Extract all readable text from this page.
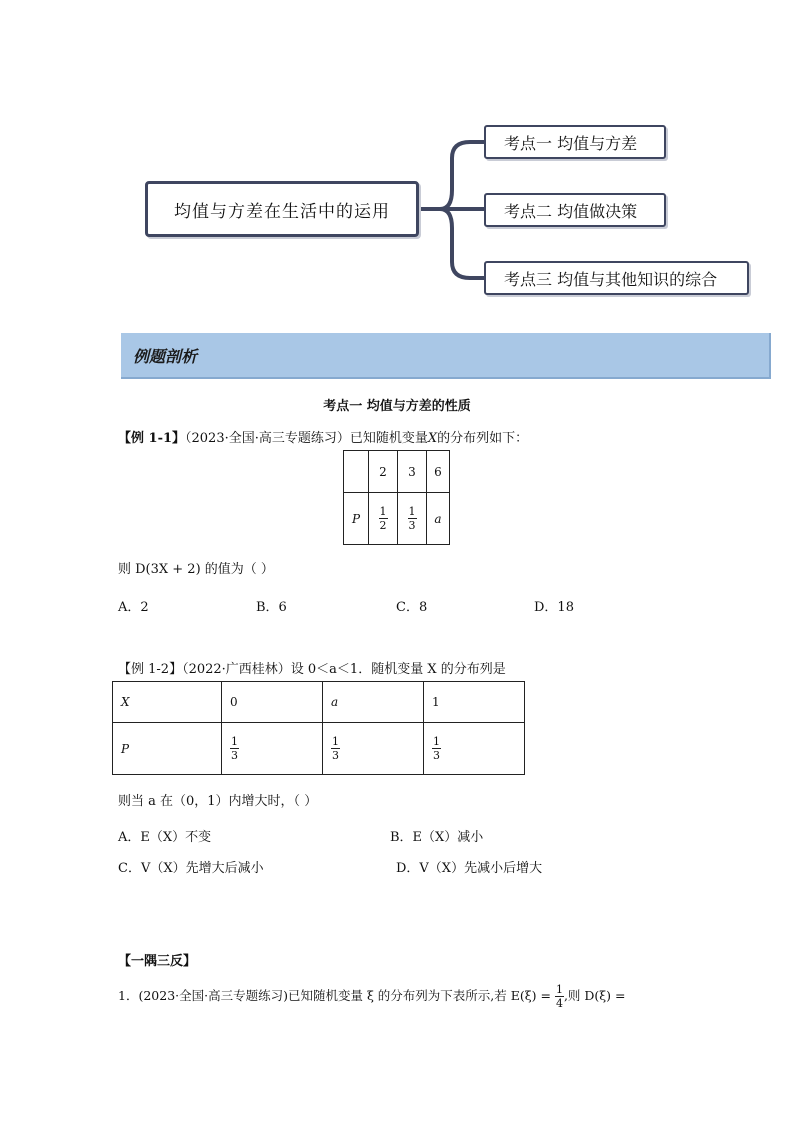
均值与方差在生活中的运用
考点一 均值与方差
考点二 均值做决策
考点三 均值与其他知识的综合
例题剖析
考点一 均值与方差的性质
【例 1-1】（2023·全国·高三专题练习）已知随机变量X的分布列如下：
	2	3	6
P	$\frac{1}{2}$	$\frac{1}{3}$	a
则 D(3X + 2) 的值为（ ）
A．2	B．6	C．8	D．18
【例 1-2】（2022·广西桂林）设 0＜a＜1．随机变量 X 的分布列是
X	0	a	1
P	$\frac{1}{3}$	$\frac{1}{3}$	$\frac{1}{3}$
则当 a 在（0，1）内增大时，（ ）
A．E（X）不变	B．E（X）减小
C．V（X）先增大后减小	D．V（X）先减小后增大
【一隅三反】
1．(2023·全国·高三专题练习)已知随机变量 ξ 的分布列为下表所示,若 $E(\xi) = \frac{1}{4}$ ,则 D(ξ) =
